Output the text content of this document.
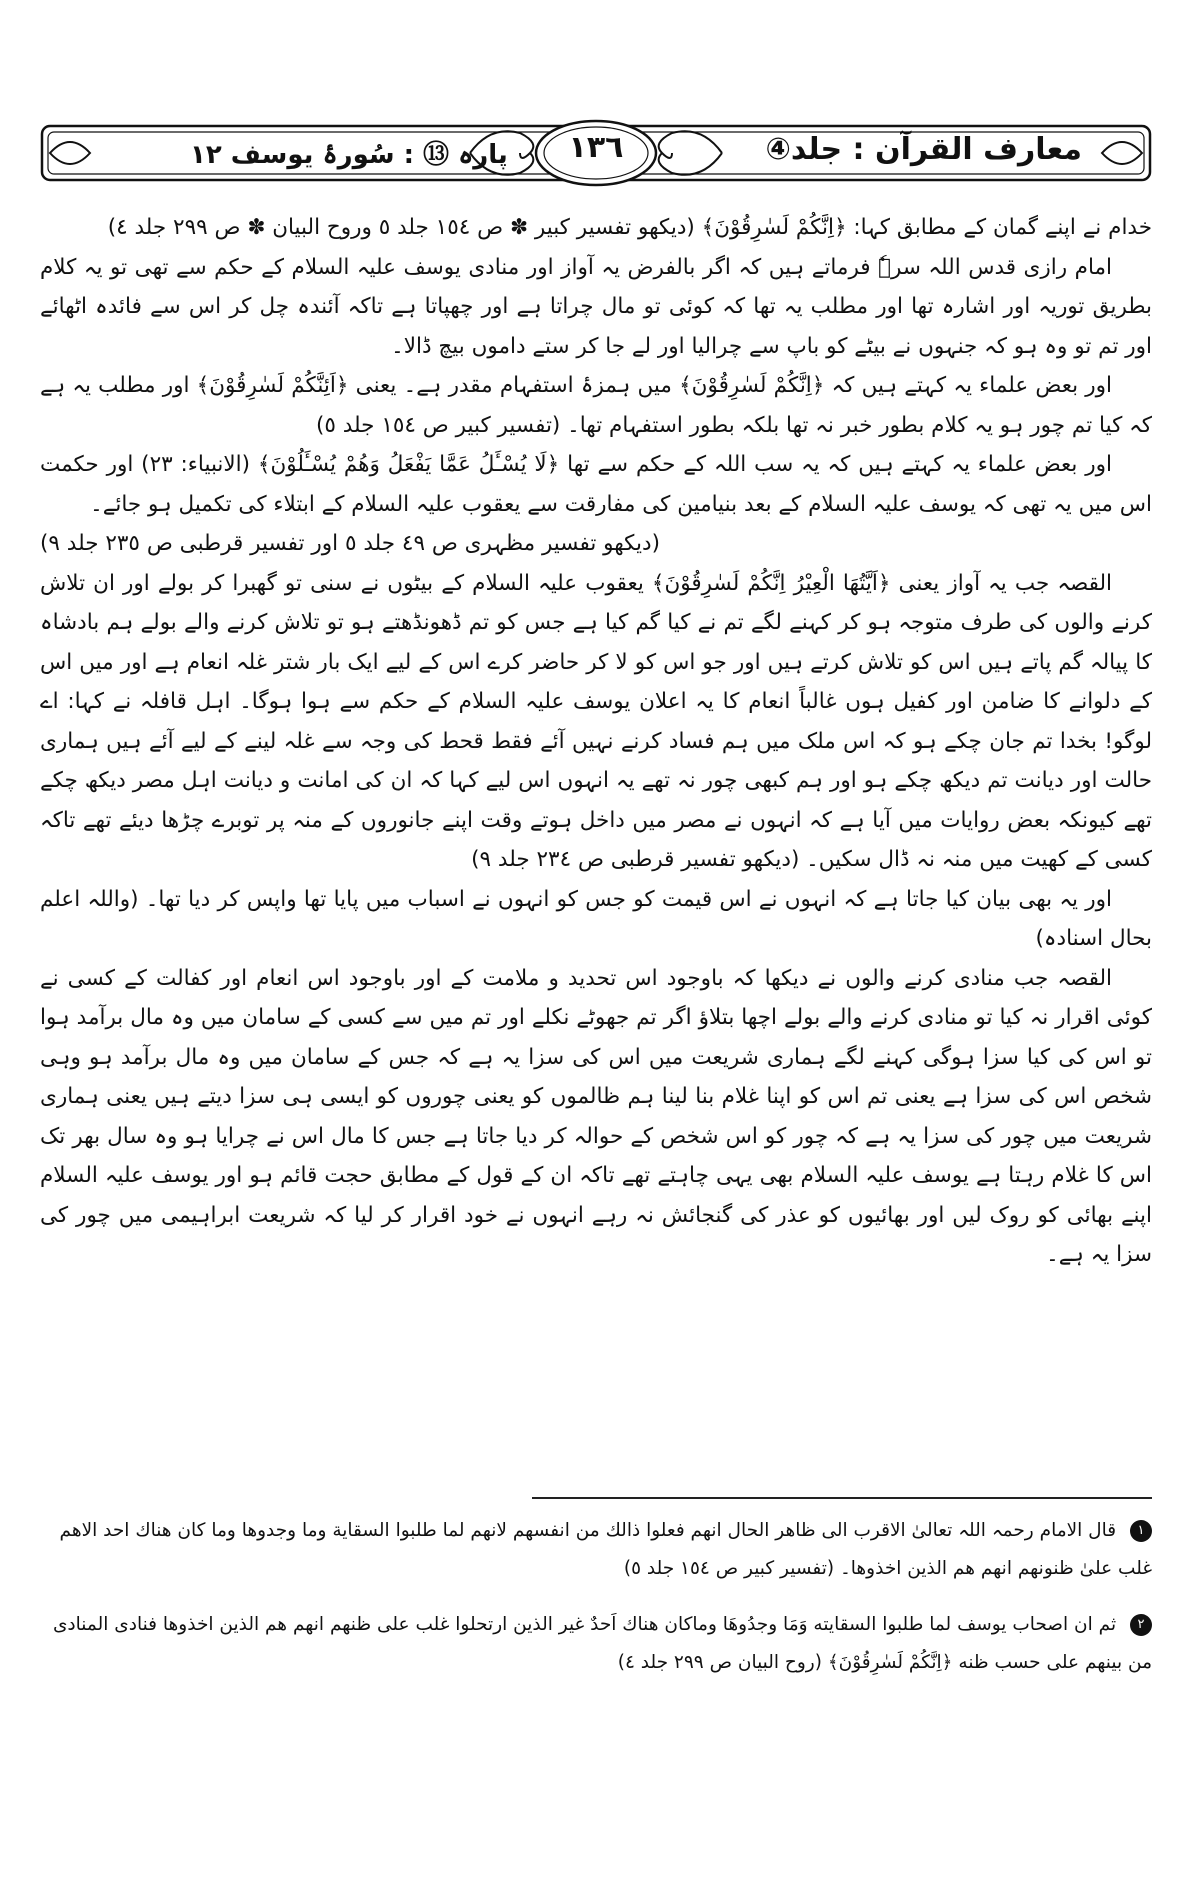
معارف القرآن : جلد④
١٣٦
پارہ ⑬ : سُورۂ یوسف ١٢

خدام نے اپنے گمان کے مطابق کہا: ﴿اِنَّكُمْ لَسٰرِقُوْنَ﴾ (دیکھو تفسیر کبیر ✽ ص ١٥٤ جلد ٥ وروح البیان ✽ ص ٢٩٩ جلد ٤)

امام رازی قدس اللہ سرہٗ فرماتے ہیں کہ اگر بالفرض یہ آواز اور منادی یوسف علیہ السلام کے حکم سے تھی تو یہ کلام بطریق توریہ اور اشارہ تھا اور مطلب یہ تھا کہ کوئی تو مال چراتا ہے اور چھپاتا ہے تاکہ آئندہ چل کر اس سے فائدہ اٹھائے اور تم تو وہ ہو کہ جنہوں نے بیٹے کو باپ سے چرالیا اور لے جا کر ستے داموں بیچ ڈالا۔

اور بعض علماء یہ کہتے ہیں کہ ﴿اِنَّكُمْ لَسٰرِقُوْنَ﴾ میں ہمزۂ استفہام مقدر ہے۔ یعنی ﴿اَئِنَّكُمْ لَسٰرِقُوْنَ﴾ اور مطلب یہ ہے کہ کیا تم چور ہو یہ کلام بطور خبر نہ تھا بلکہ بطور استفہام تھا۔ (تفسیر کبیر ص ١٥٤ جلد ٥)

اور بعض علماء یہ کہتے ہیں کہ یہ سب اللہ کے حکم سے تھا ﴿لَا يُسْـَٔلُ عَمَّا يَفْعَلُ وَهُمْ يُسْـَٔلُوْنَ﴾ (الانبیاء: ٢٣) اور حکمت اس میں یہ تھی کہ یوسف علیہ السلام کے بعد بنیامین کی مفارقت سے یعقوب علیہ السلام کے ابتلاء کی تکمیل ہو جائے۔

(دیکھو تفسیر مظہری ص ٤٩ جلد ٥ اور تفسیر قرطبی ص ٢٣٥ جلد ٩)

القصہ جب یہ آواز یعنی ﴿اَيَّتُهَا الْعِيْرُ اِنَّكُمْ لَسٰرِقُوْنَ﴾ یعقوب علیہ السلام کے بیٹوں نے سنی تو گھبرا کر بولے اور ان تلاش کرنے والوں کی طرف متوجہ ہو کر کہنے لگے تم نے کیا گم کیا ہے جس کو تم ڈھونڈھتے ہو تو تلاش کرنے والے بولے ہم بادشاہ کا پیالہ گم پاتے ہیں اس کو تلاش کرتے ہیں اور جو اس کو لا کر حاضر کرے اس کے لیے ایک بار شتر غلہ انعام ہے اور میں اس کے دلوانے کا ضامن اور کفیل ہوں غالباً انعام کا یہ اعلان یوسف علیہ السلام کے حکم سے ہوا ہوگا۔ اہل قافلہ نے کہا: اے لوگو! بخدا تم جان چکے ہو کہ اس ملک میں ہم فساد کرنے نہیں آئے فقط قحط کی وجہ سے غلہ لینے کے لیے آئے ہیں ہماری حالت اور دیانت تم دیکھ چکے ہو اور ہم کبھی چور نہ تھے یہ انہوں اس لیے کہا کہ ان کی امانت و دیانت اہل مصر دیکھ چکے تھے کیونکہ بعض روایات میں آیا ہے کہ انہوں نے مصر میں داخل ہوتے وقت اپنے جانوروں کے منہ پر توبرے چڑھا دیئے تھے تاکہ کسی کے کھیت میں منہ نہ ڈال سکیں۔ (دیکھو تفسیر قرطبی ص ٢٣٤ جلد ٩)

اور یہ بھی بیان کیا جاتا ہے کہ انہوں نے اس قیمت کو جس کو انہوں نے اسباب میں پایا تھا واپس کر دیا تھا۔ (واللہ اعلم بحال اسنادہ)

القصہ جب منادی کرنے والوں نے دیکھا کہ باوجود اس تحدید و ملامت کے اور باوجود اس انعام اور کفالت کے کسی نے کوئی اقرار نہ کیا تو منادی کرنے والے بولے اچھا بتلاؤ اگر تم جھوٹے نکلے اور تم میں سے کسی کے سامان میں وہ مال برآمد ہوا تو اس کی کیا سزا ہوگی کہنے لگے ہماری شریعت میں اس کی سزا یہ ہے کہ جس کے سامان میں وہ مال برآمد ہو وہی شخص اس کی سزا ہے یعنی تم اس کو اپنا غلام بنا لینا ہم ظالموں کو یعنی چوروں کو ایسی ہی سزا دیتے ہیں یعنی ہماری شریعت میں چور کی سزا یہ ہے کہ چور کو اس شخص کے حوالہ کر دیا جاتا ہے جس کا مال اس نے چرایا ہو وہ سال بھر تک اس کا غلام رہتا ہے یوسف علیہ السلام بھی یہی چاہتے تھے تاکہ ان کے قول کے مطابق حجت قائم ہو اور یوسف علیہ السلام اپنے بھائی کو روک لیں اور بھائیوں کو عذر کی گنجائش نہ رہے انہوں نے خود اقرار کر لیا کہ شریعت ابراہیمی میں چور کی سزا یہ ہے۔

١ قال الامام رحمہ اللہ تعالیٰ الاقرب الی ظاهر الحال انهم فعلوا ذالك من انفسهم لانهم لما طلبوا السقاية وما وجدوها وما كان هناك احد الاهم غلب علىٰ ظنونهم انهم هم الذين اخذوها۔ (تفسیر کبیر ص ١٥٤ جلد ٥)

٢ ثم ان اصحاب يوسف لما طلبوا السقايته وَمَا وجدُوهَا وماكان هناك اَحدٌ غير الذين ارتحلوا غلب على ظنهم انهم هم الذين اخذوها فنادى المنادى من بينهم على حسب ظنه ﴿اِنَّكُمْ لَسٰرِقُوْنَ﴾ (روح البیان ص ٢٩٩ جلد ٤)
